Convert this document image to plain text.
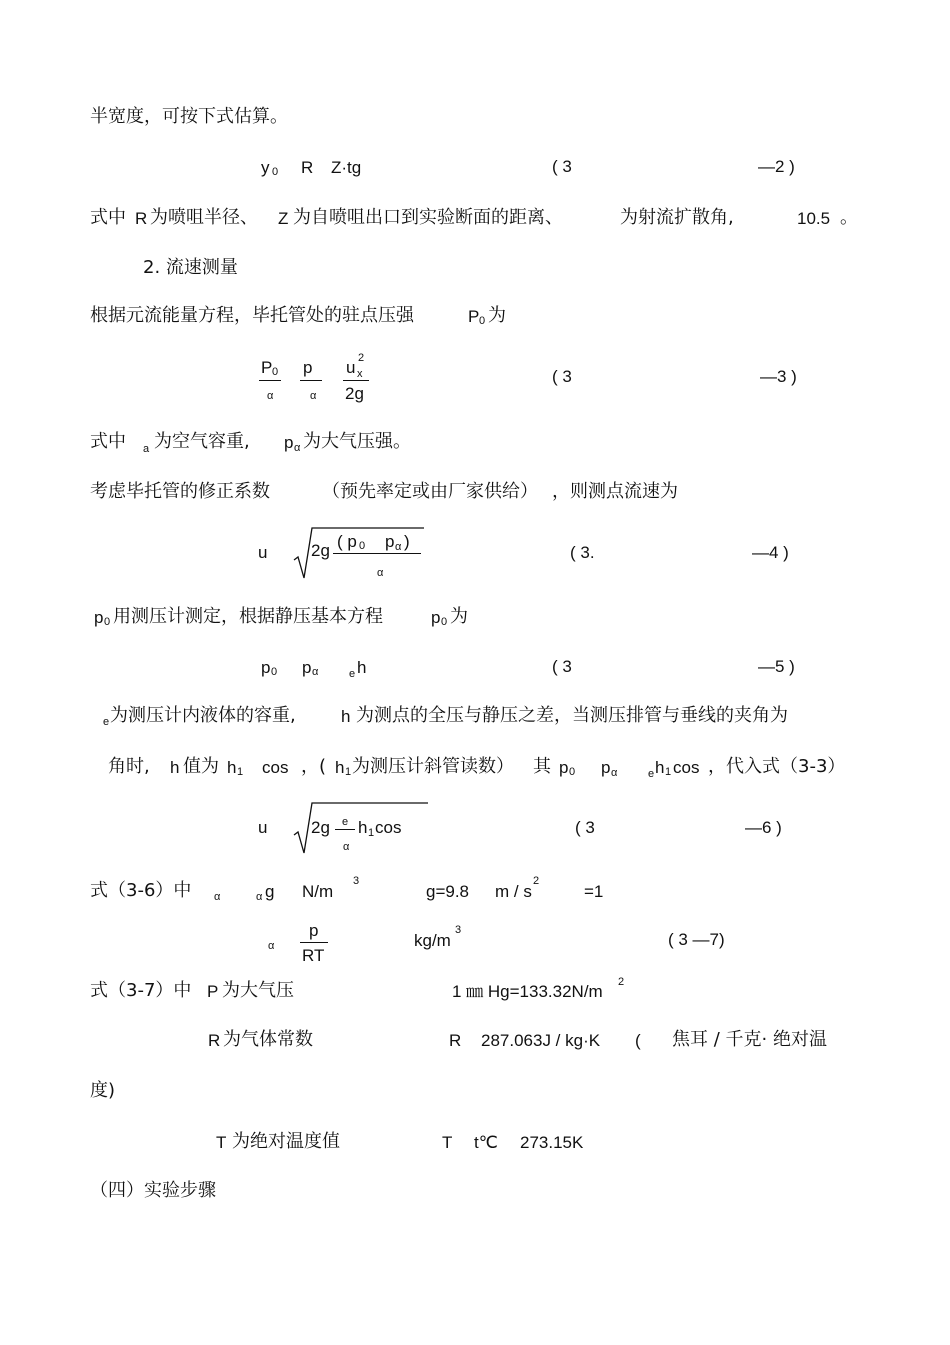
半宽度，可按下式估算。
y 0 R Z·tg	( 3	—2 )
式中 R 为喷咀半径、 Z 为自喷咀出口到实验断面的距离、	为射流扩散角,	10.5 。
2. 流速测量
根据元流能量方程，毕托管处的驻点压强	P 0 为
P 0
α
p
α
u x
2
2g
( 3	—3 )
式中 a 为空气容重, p α 为大气压强。
考虑毕托管的修正系数	（预先率定或由厂家供给） ，则测点流速为
u	2g ( p 0 p α )
α
( 3.	—4 )
p 0 用测压计测定，根据静压基本方程	p 0 为
p 0 p α	e h	( 3	—5 )
e 为测压计内液体的容重,	h 为测点的全压与静压之差，当测压排管与垂线的夹角为
角时, h 值为 h 1 cos ，( h 1 为测压计斜管读数） 其 p 0 p α	e h 1 cos ，代入式（3-3）
u	2g e
α
h 1 cos	( 3	—6 )
式（3-6）中 α	α g N/m
3
g=9.8 m / s
2
=1
α
p
RT
kg/m
3	( 3 —7)
式（3-7）中 P 为大气压	1 ㎜ Hg=133.32N/m 2
R 为气体常数	R 287.063J / kg·K ( 焦耳 / 千克· 绝对温
度)
T 为绝对温度值	T t℃ 273.15K
（四）实验步骤
